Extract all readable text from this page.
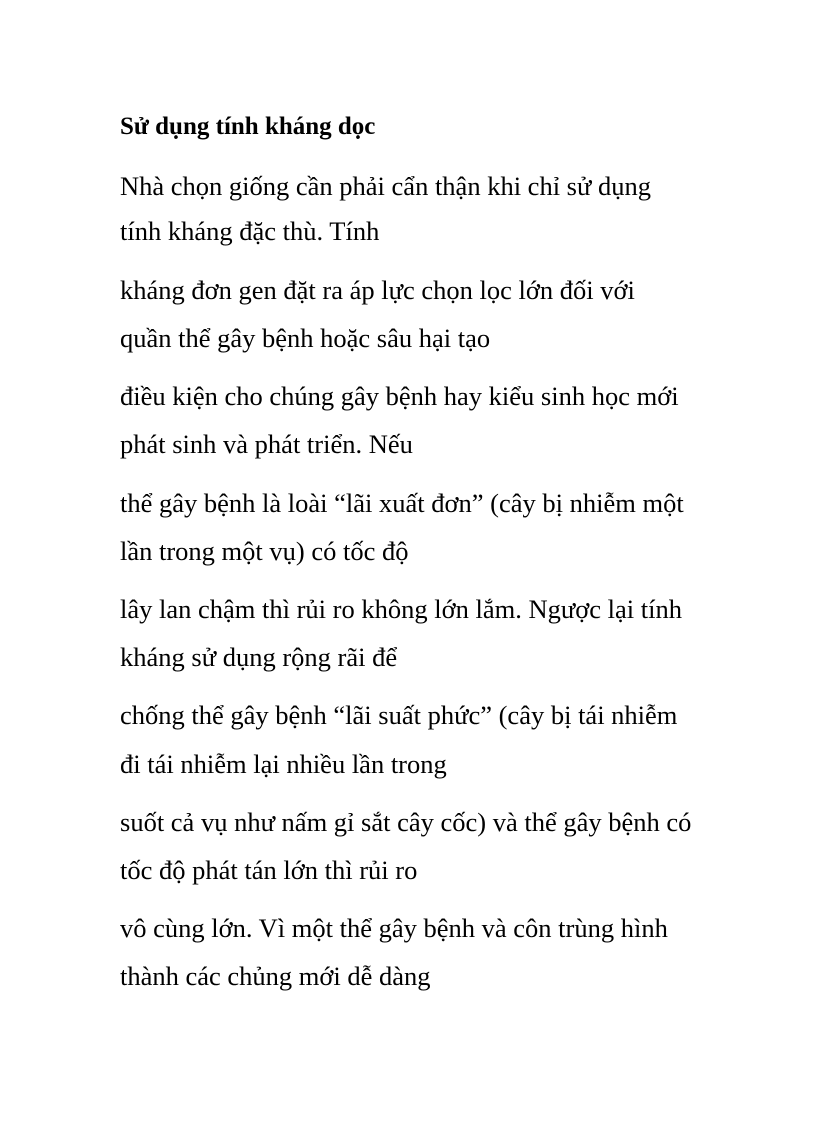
Sử dụng tính kháng dọc

Nhà chọn giống cần phải cẩn thận khi chỉ sử dụng

tính kháng đặc thù. Tính

kháng đơn gen đặt ra áp lực chọn lọc lớn đối với

quần thể gây bệnh hoặc sâu hại tạo

điều kiện cho chúng gây bệnh hay kiểu sinh học mới

phát sinh và phát triển. Nếu

thể gây bệnh là loài “lãi xuất đơn” (cây bị nhiễm một

lần trong một vụ) có tốc độ

lây lan chậm thì rủi ro không lớn lắm. Ngược lại tính

kháng sử dụng rộng rãi để

chống thể gây bệnh “lãi suất phức” (cây bị tái nhiễm

đi tái nhiễm lại nhiều lần trong

suốt cả vụ như nấm gỉ sắt cây cốc) và thể gây bệnh có

tốc độ phát tán lớn thì rủi ro

vô cùng lớn. Vì một thể gây bệnh và côn trùng hình

thành các chủng mới dễ dàng
